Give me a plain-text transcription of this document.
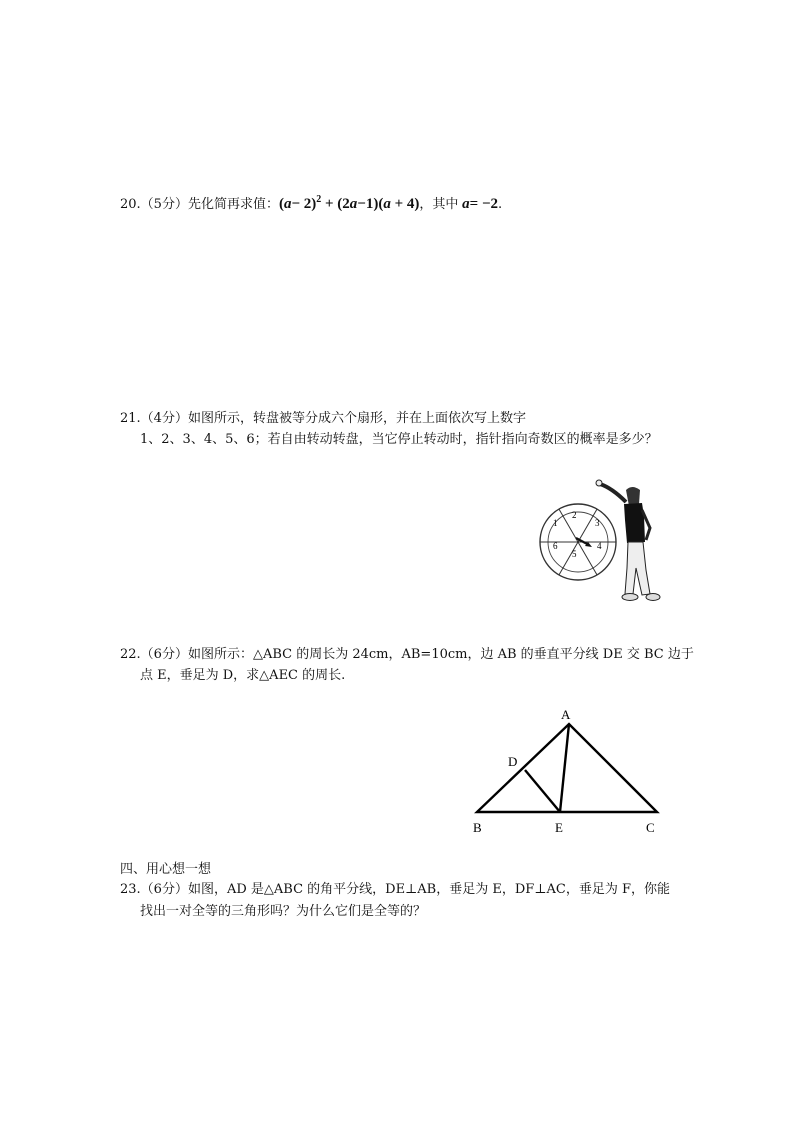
20.（5分）先化简再求值：$(a- 2)^2 + (2a-1)(a + 4)$，其中 a= −2.
21.（4分）如图所示，转盘被等分成六个扇形，并在上面依次写上数字
1、2、3、4、5、6；若自由转动转盘，当它停止转动时，指针指向奇数区的概率是多少？
1
2
3
4
5
6
22.（6分）如图所示：△ABC 的周长为 24cm，AB=10cm，边 AB 的垂直平分线 DE 交 BC 边于
点 E，垂足为 D，求△AEC 的周长.
A
B	C
D
E
四、用心想一想
23.（6分）如图，AD 是△ABC 的角平分线，DE⊥AB，垂足为 E，DF⊥AC，垂足为 F，你能
找出一对全等的三角形吗？为什么它们是全等的？
